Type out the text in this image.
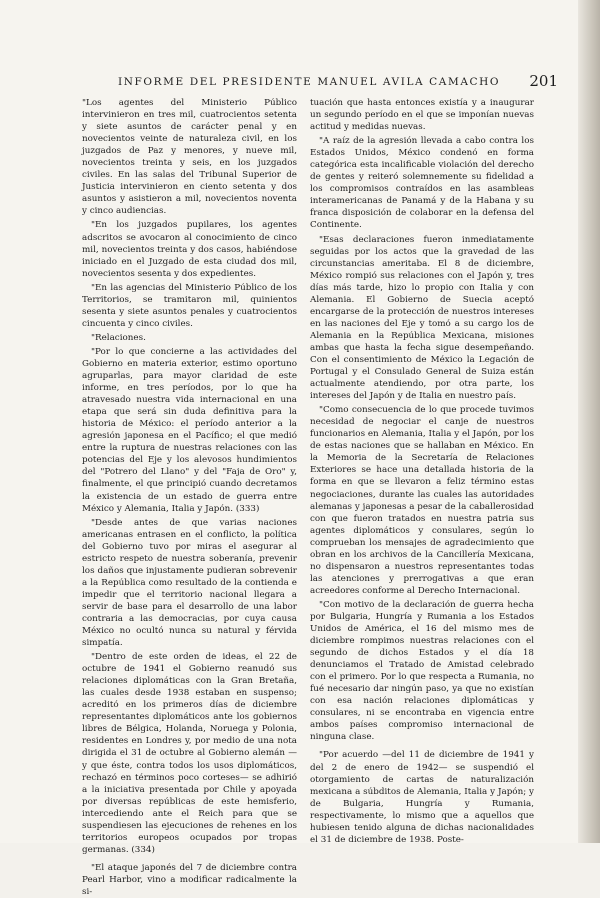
INFORME DEL PRESIDENTE MANUEL AVILA CAMACHO 201

"Los agentes del Ministerio Público intervinieron en tres mil, cuatrocientos setenta y siete asuntos de carácter penal y en novecientos veinte de naturaleza civil, en los juzgados de Paz y menores, y nueve mil, novecientos treinta y seis, en los juzgados civiles. En las salas del Tribunal Superior de Justicia intervinieron en ciento setenta y dos asuntos y asistieron a mil, novecientos noventa y cinco audiencias.

"En los juzgados pupilares, los agentes adscritos se avocaron al conocimiento de cinco mil, novecientos treinta y dos casos, habiéndose iniciado en el Juzgado de esta ciudad dos mil, novecientos sesenta y dos expedientes.

"En las agencias del Ministerio Público de los Territorios, se tramitaron mil, quinientos sesenta y siete asuntos penales y cuatrocientos cincuenta y cinco civiles.

"Relaciones.

"Por lo que concierne a las actividades del Gobierno en materia exterior, estimo oportuno agruparlas, para mayor claridad de este informe, en tres períodos, por lo que ha atravesado nuestra vida internacional en una etapa que será sin duda definitiva para la historia de México: el período anterior a la agresión japonesa en el Pacífico; el que medió entre la ruptura de nuestras relaciones con las potencias del Eje y los alevosos hundimientos del "Potrero del Llano" y del "Faja de Oro" y, finalmente, el que principió cuando decretamos la existencia de un estado de guerra entre México y Alemania, Italia y Japón. (333)

"Desde antes de que varias naciones americanas entrasen en el conflicto, la política del Gobierno tuvo por miras el asegurar al estricto respeto de nuestra soberanía, prevenir los daños que injustamente pudieran sobrevenir a la República como resultado de la contienda e impedir que el territorio nacional llegara a servir de base para el desarrollo de una labor contraria a las democracias, por cuya causa México no ocultó nunca su natural y férvida simpatía.

"Dentro de este orden de ideas, el 22 de octubre de 1941 el Gobierno reanudó sus relaciones diplomáticas con la Gran Bretaña, las cuales desde 1938 estaban en suspenso; acreditó en los primeros días de diciembre representantes diplomáticos ante los gobiernos libres de Bélgica, Holanda, Noruega y Polonia, residentes en Londres y, por medio de una nota dirigida el 31 de octubre al Gobierno alemán —y que éste, contra todos los usos diplomáticos, rechazó en términos poco corteses— se adhirió a la iniciativa presentada por Chile y apoyada por diversas repúblicas de este hemisferio, intercediendo ante el Reich para que se suspendiesen las ejecuciones de rehenes en los territorios europeos ocupados por tropas germanas. (334)

"El ataque japonés del 7 de diciembre contra Pearl Harbor, vino a modificar radicalmente la si-

tuación que hasta entonces existía y a inaugurar un segundo período en el que se imponían nuevas actitud y medidas nuevas.

"A raíz de la agresión llevada a cabo contra los Estados Unidos, México condenó en forma categórica esta incalificable violación del derecho de gentes y reiteró solemnemente su fidelidad a los compromisos contraídos en las asambleas interamericanas de Panamá y de la Habana y su franca disposición de colaborar en la defensa del Continente.

"Esas declaraciones fueron inmediatamente seguidas por los actos que la gravedad de las circunstancias ameritaba. El 8 de diciembre, México rompió sus relaciones con el Japón y, tres días más tarde, hizo lo propio con Italia y con Alemania. El Gobierno de Suecia aceptó encargarse de la protección de nuestros intereses en las naciones del Eje y tomó a su cargo los de Alemania en la República Mexicana, misiones ambas que hasta la fecha sigue desempeñando. Con el consentimiento de México la Legación de Portugal y el Consulado General de Suiza están actualmente atendiendo, por otra parte, los intereses del Japón y de Italia en nuestro país.

"Como consecuencia de lo que procede tuvimos necesidad de negociar el canje de nuestros funcionarios en Alemania, Italia y el Japón, por los de estas naciones que se hallaban en México. En la Memoria de la Secretaría de Relaciones Exteriores se hace una detallada historia de la forma en que se llevaron a feliz término estas negociaciones, durante las cuales las autoridades alemanas y japonesas a pesar de la caballerosidad con que fueron tratados en nuestra patria sus agentes diplomáticos y consulares, según lo comprueban los mensajes de agradecimiento que obran en los archivos de la Cancillería Mexicana, no dispensaron a nuestros representantes todas las atenciones y prerrogativas a que eran acreedores conforme al Derecho Internacional.

"Con motivo de la declaración de guerra hecha por Bulgaria, Hungría y Rumania a los Estados Unidos de América, el 16 del mismo mes de diciembre rompimos nuestras relaciones con el segundo de dichos Estados y el día 18 denunciamos el Tratado de Amistad celebrado con el primero. Por lo que respecta a Rumania, no fué necesario dar ningún paso, ya que no existían con esa nación relaciones diplomáticas y consulares, ni se encontraba en vigencia entre ambos países compromiso internacional de ninguna clase.

"Por acuerdo —del 11 de diciembre de 1941 y del 2 de enero de 1942— se suspendió el otorgamiento de cartas de naturalización mexicana a súbditos de Alemania, Italia y Japón; y de Bulgaria, Hungría y Rumania, respectivamente, lo mismo que a aquellos que hubiesen tenido alguna de dichas nacionalidades el 31 de diciembre de 1938. Poste-
